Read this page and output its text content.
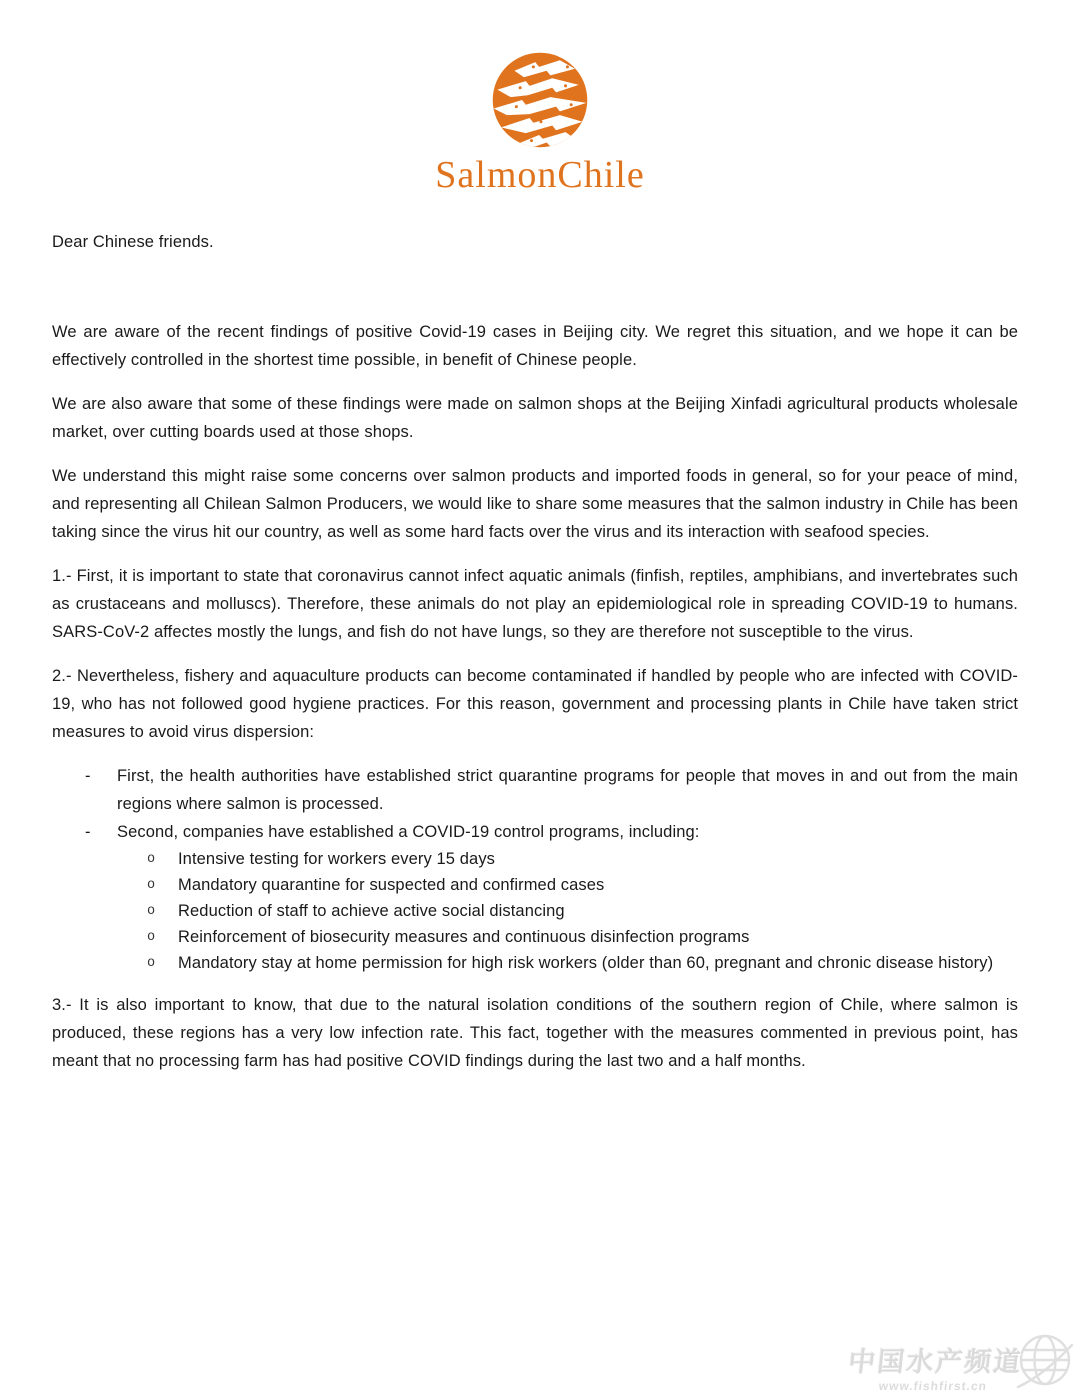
SalmonChile

Dear Chinese friends.

We are aware of the recent findings of positive Covid-19 cases in Beijing city. We regret this situation, and we hope it can be effectively controlled in the shortest time possible, in benefit of Chinese people.

We are also aware that some of these findings were made on salmon shops at the Beijing Xinfadi agricultural products wholesale market, over cutting boards used at those shops.

We understand this might raise some concerns over salmon products and imported foods in general, so for your peace of mind, and representing all Chilean Salmon Producers, we would like to share some measures that the salmon industry in Chile has been taking since the virus hit our country, as well as some hard facts over the virus and its interaction with seafood species.

1.- First, it is important to state that coronavirus cannot infect aquatic animals (finfish, reptiles, amphibians, and invertebrates such as crustaceans and molluscs). Therefore, these animals do not play an epidemiological role in spreading COVID-19 to humans. SARS-CoV-2 affectes mostly the lungs, and fish do not have lungs, so they are therefore not susceptible to the virus.

2.- Nevertheless, fishery and aquaculture products can become contaminated if handled by people who are infected with COVID-19, who has not followed good hygiene practices. For this reason, government and processing plants in Chile have taken strict measures to avoid virus dispersion:

- First, the health authorities have established strict quarantine programs for people that moves in and out from the main regions where salmon is processed.
- Second, companies have established a COVID-19 control programs, including:
o Intensive testing for workers every 15 days
o Mandatory quarantine for suspected and confirmed cases
o Reduction of staff to achieve active social distancing
o Reinforcement of biosecurity measures and continuous disinfection programs
o Mandatory stay at home permission for high risk workers (older than 60, pregnant and chronic disease history)

3.- It is also important to know, that due to the natural isolation conditions of the southern region of Chile, where salmon is produced, these regions has a very low infection rate. This fact, together with the measures commented in previous point, has meant that no processing farm has had positive COVID findings during the last two and a half months.

中国水产频道
www.fishfirst.cn
